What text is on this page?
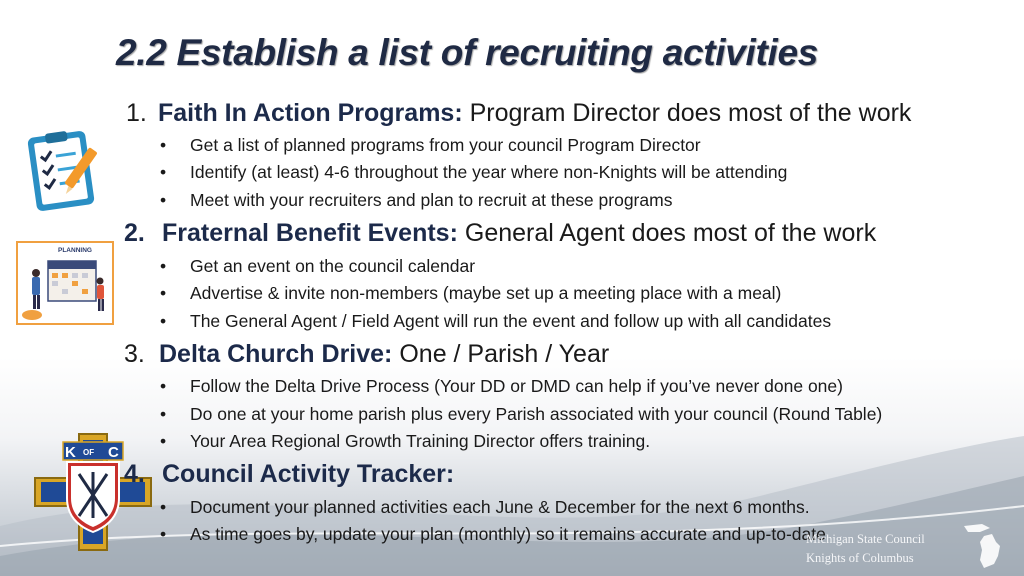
2.2 Establish a list of recruiting activities
PLANNING
K OF C
1. Faith In Action Programs: Program Director does most of the work
• Get a list of planned programs from your council Program Director
• Identify (at least) 4-6 throughout the year where non-Knights will be attending
• Meet with your recruiters and plan to recruit at these programs
2. Fraternal Benefit Events: General Agent does most of the work
• Get an event on the council calendar
• Advertise & invite non-members (maybe set up a meeting place with a meal)
• The General Agent / Field Agent will run the event and follow up with all candidates
3. Delta Church Drive: One / Parish / Year
• Follow the Delta Drive Process (Your DD or DMD can help if you’ve never done one)
• Do one at your home parish plus every Parish associated with your council (Round Table)
• Your Area Regional Growth Training Director offers training.
4. Council Activity Tracker:
• Document your planned activities each June & December for the next 6 months.
• As time goes by, update your plan (monthly) so it remains accurate and up-to-date
Michigan State Council
Knights of Columbus
